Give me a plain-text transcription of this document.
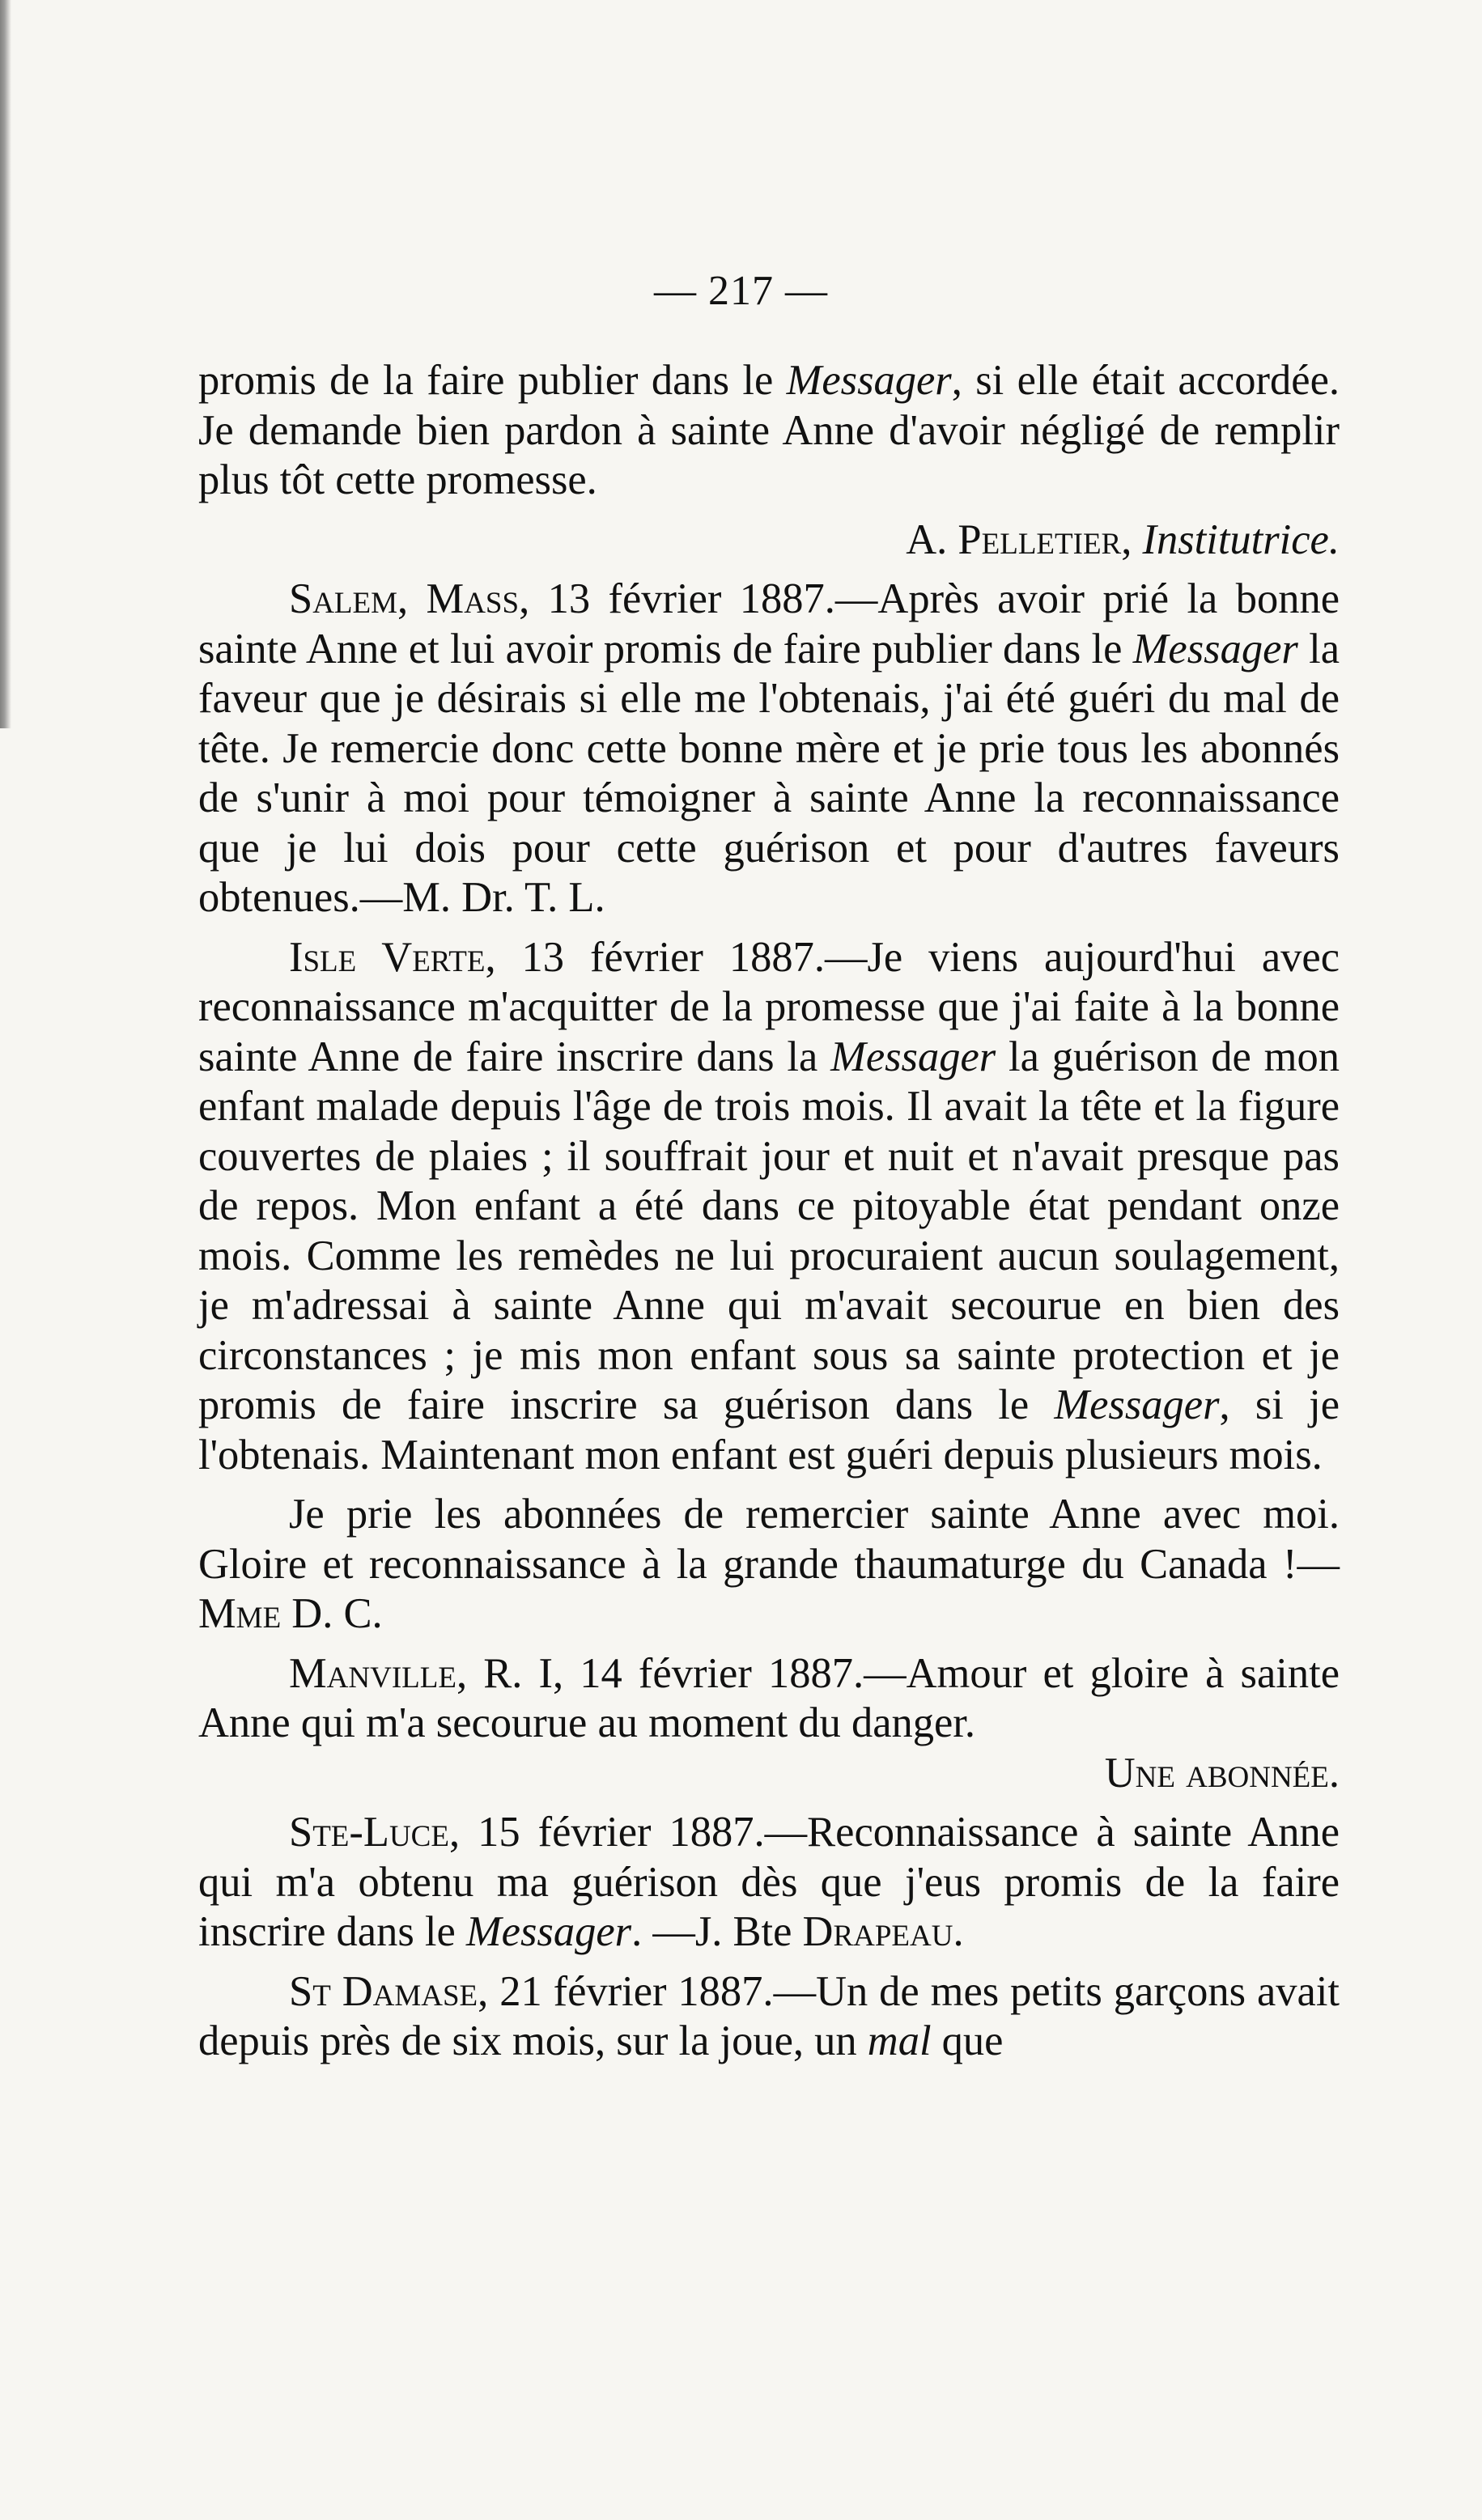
— 217 —

promis de la faire publier dans le Messager, si elle était accordée. Je demande bien pardon à sainte Anne d'avoir négligé de remplir plus tôt cette promesse.

A. Pelletier, Institutrice.

Salem, Mass, 13 février 1887.—Après avoir prié la bonne sainte Anne et lui avoir promis de faire publier dans le Messager la faveur que je désirais si elle me l'obtenais, j'ai été guéri du mal de tête. Je remercie donc cette bonne mère et je prie tous les abonnés de s'unir à moi pour témoigner à sainte Anne la reconnaissance que je lui dois pour cette guérison et pour d'autres faveurs obtenues.—M. Dr. T. L.

Isle Verte, 13 février 1887.—Je viens aujourd'hui avec reconnaissance m'acquitter de la promesse que j'ai faite à la bonne sainte Anne de faire inscrire dans la Messager la guérison de mon enfant malade depuis l'âge de trois mois. Il avait la tête et la figure couvertes de plaies ; il souffrait jour et nuit et n'avait presque pas de repos. Mon enfant a été dans ce pitoyable état pendant onze mois. Comme les remèdes ne lui procuraient aucun soulagement, je m'adressai à sainte Anne qui m'avait secourue en bien des circonstances ; je mis mon enfant sous sa sainte protection et je promis de faire inscrire sa guérison dans le Messager, si je l'obtenais. Maintenant mon enfant est guéri depuis plusieurs mois.

Je prie les abonnées de remercier sainte Anne avec moi. Gloire et reconnaissance à la grande thaumaturge du Canada !—Mme D. C.

Manville, R. I, 14 février 1887.—Amour et gloire à sainte Anne qui m'a secourue au moment du danger.

Une abonnée.

Ste-Luce, 15 février 1887.—Reconnaissance à sainte Anne qui m'a obtenu ma guérison dès que j'eus promis de la faire inscrire dans le Messager. —J. Bte Drapeau.

St Damase, 21 février 1887.—Un de mes petits garçons avait depuis près de six mois, sur la joue, un mal que
